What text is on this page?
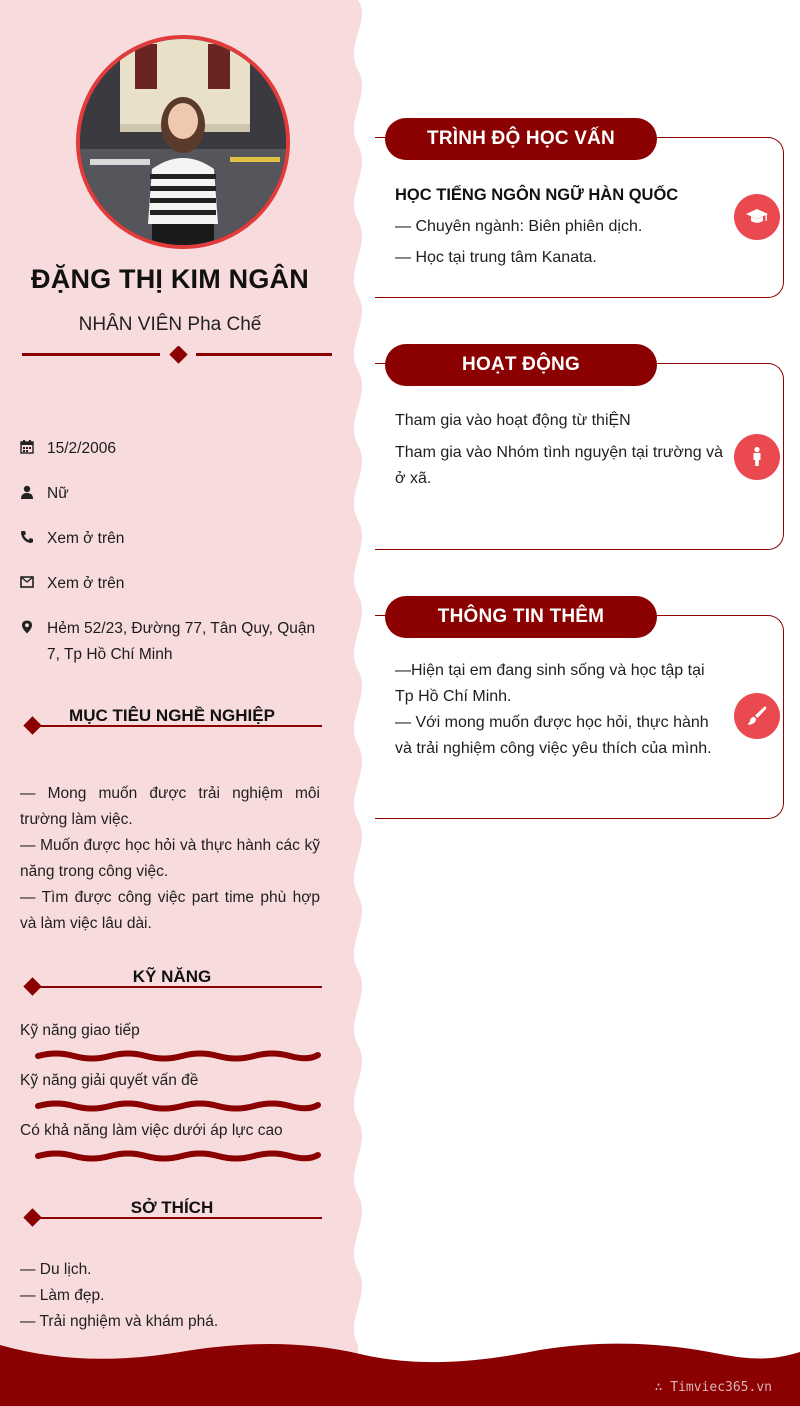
ĐẶNG THỊ KIM NGÂN
NHÂN VIÊN Pha Chế
15/2/2006
Nữ
Xem ở trên
Xem ở trên
Hẻm 52/23, Đường 77, Tân Quy, Quận 7, Tp Hồ Chí Minh
MỤC TIÊU NGHỀ NGHIỆP

— Mong muốn được trải nghiệm môi trường làm việc.

— Muốn được học hỏi và thực hành các kỹ năng trong công việc.

— Tìm được công việc part time phù hợp và làm việc lâu dài.

KỸ NĂNG
Kỹ năng giao tiếp
Kỹ năng giải quyết vấn đề
Có khả năng làm việc dưới áp lực cao
SỞ THÍCH
— Du lịch.
— Làm đẹp.
— Trải nghiệm và khám phá.
TRÌNH ĐỘ HỌC VẤN
HỌC TIẾNG NGÔN NGỮ HÀN QUỐC
— Chuyên ngành: Biên phiên dịch.
— Học tại trung tâm Kanata.
HOẠT ĐỘNG
Tham gia vào hoạt động từ thiỆN
Tham gia vào Nhóm tình nguyện tại trường và ở xã.
THÔNG TIN THÊM
—Hiện tại em đang sinh sống và học tập tại Tp Hồ Chí Minh.
— Với mong muốn được học hỏi, thực hành và trải nghiệm công việc yêu thích của mình.
∴ Timviec365.vn
